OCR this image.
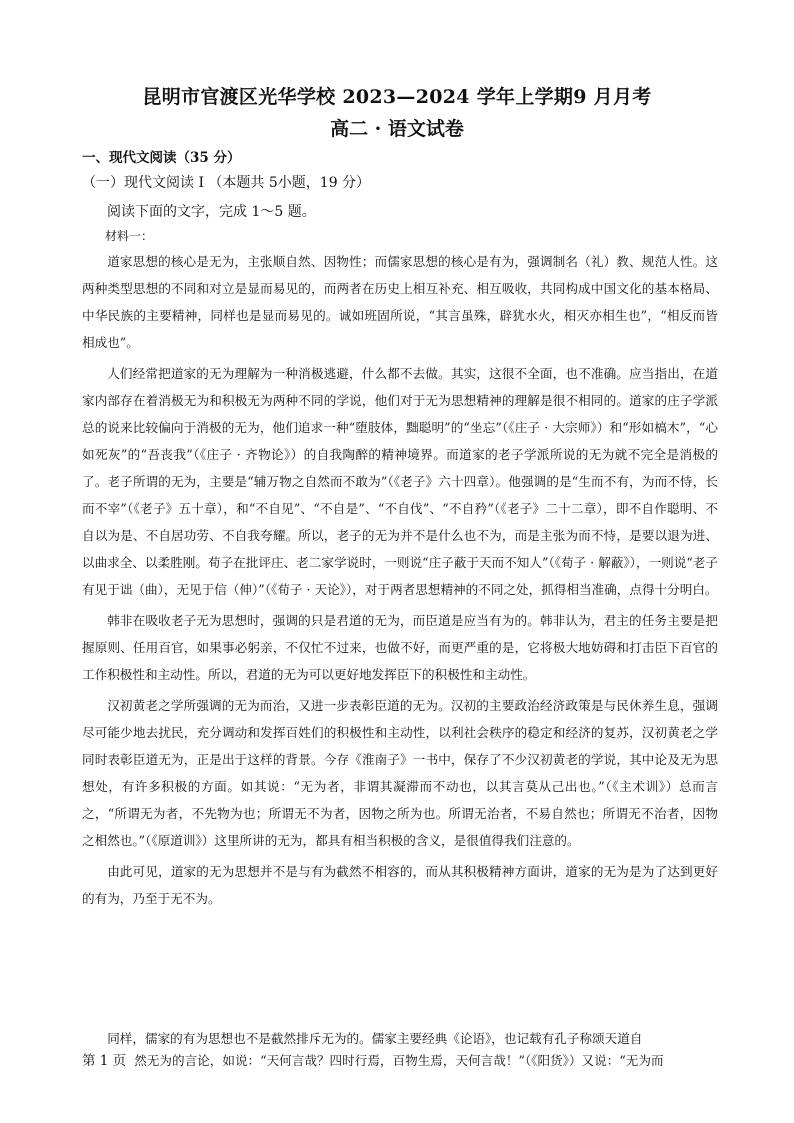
昆明市官渡区光华学校 2023—2024 学年上学期9 月月考
高二 · 语文试卷
一、现代文阅读（35 分）
（一）现代文阅读 I （本题共 5小题，19 分）
阅读下面的文字，完成 1～5 题。
材料一：

道家思想的核心是无为，主张顺自然、因物性；而儒家思想的核心是有为，强调制名（礼）教、规范人性。这两种类型思想的不同和对立是显而易见的，而两者在历史上相互补充、相互吸收，共同构成中国文化的基本格局、中华民族的主要精神，同样也是显而易见的。诚如班固所说，“其言虽殊，辟犹水火，相灭亦相生也”，“相反而皆相成也”。

人们经常把道家的无为理解为一种消极逃避，什么都不去做。其实，这很不全面，也不准确。应当指出，在道家内部存在着消极无为和积极无为两种不同的学说，他们对于无为思想精神的理解是很不相同的。道家的庄子学派总的说来比较偏向于消极的无为，他们追求一种“堕肢体，黜聪明”的“坐忘”（《庄子 · 大宗师》）和“形如槁木”，“心如死灰”的“吾丧我”（《庄子 · 齐物论》）的自我陶醉的精神境界。而道家的老子学派所说的无为就不完全是消极的了。老子所谓的无为，主要是“辅万物之自然而不敢为”（《老子》六十四章）。他强调的是“生而不有，为而不恃，长而不宰”（《老子》五十章），和“不自见”、“不自是”、“不自伐”、“不自矜”（《老子》二十二章），即不自作聪明、不自以为是、不自居功劳、不自我夸耀。所以，老子的无为并不是什么也不为，而是主张为而不恃，是要以退为进、以曲求全、以柔胜刚。荀子在批评庄、老二家学说时，一则说“庄子蔽于天而不知人”（《荀子 · 解蔽》），一则说“老子有见于诎（曲），无见于信（伸）”（《荀子 · 天论》），对于两者思想精神的不同之处，抓得相当准确，点得十分明白。

韩非在吸收老子无为思想时，强调的只是君道的无为，而臣道是应当有为的。韩非认为，君主的任务主要是把握原则、任用百官，如果事必躬亲，不仅忙不过来，也做不好，而更严重的是，它将极大地妨碍和打击臣下百官的工作积极性和主动性。所以，君道的无为可以更好地发挥臣下的积极性和主动性。

汉初黄老之学所强调的无为而治，又进一步表彰臣道的无为。汉初的主要政治经济政策是与民休养生息，强调尽可能少地去扰民，充分调动和发挥百姓们的积极性和主动性，以利社会秩序的稳定和经济的复苏，汉初黄老之学同时表彰臣道无为，正是出于这样的背景。今存《淮南子》一书中，保存了不少汉初黄老的学说，其中论及无为思想处，有许多积极的方面。如其说：“无为者，非谓其凝滞而不动也，以其言莫从己出也。”（《主术训》）总而言之，“所谓无为者，不先物为也；所谓无不为者，因物之所为也。所谓无治者，不易自然也；所谓无不治者，因物之相然也。”（《原道训》）这里所讲的无为，都具有相当积极的含义，是很值得我们注意的。

由此可见，道家的无为思想并不是与有为截然不相容的，而从其积极精神方面讲，道家的无为是为了达到更好的有为，乃至于无不为。

同样，儒家的有为思想也不是截然排斥无为的。儒家主要经典《论语》，也记载有孔子称颂天道自
第 1 页 然无为的言论，如说：“天何言哉？四时行焉，百物生焉，天何言哉！”（《阳货》）又说：“无为而
